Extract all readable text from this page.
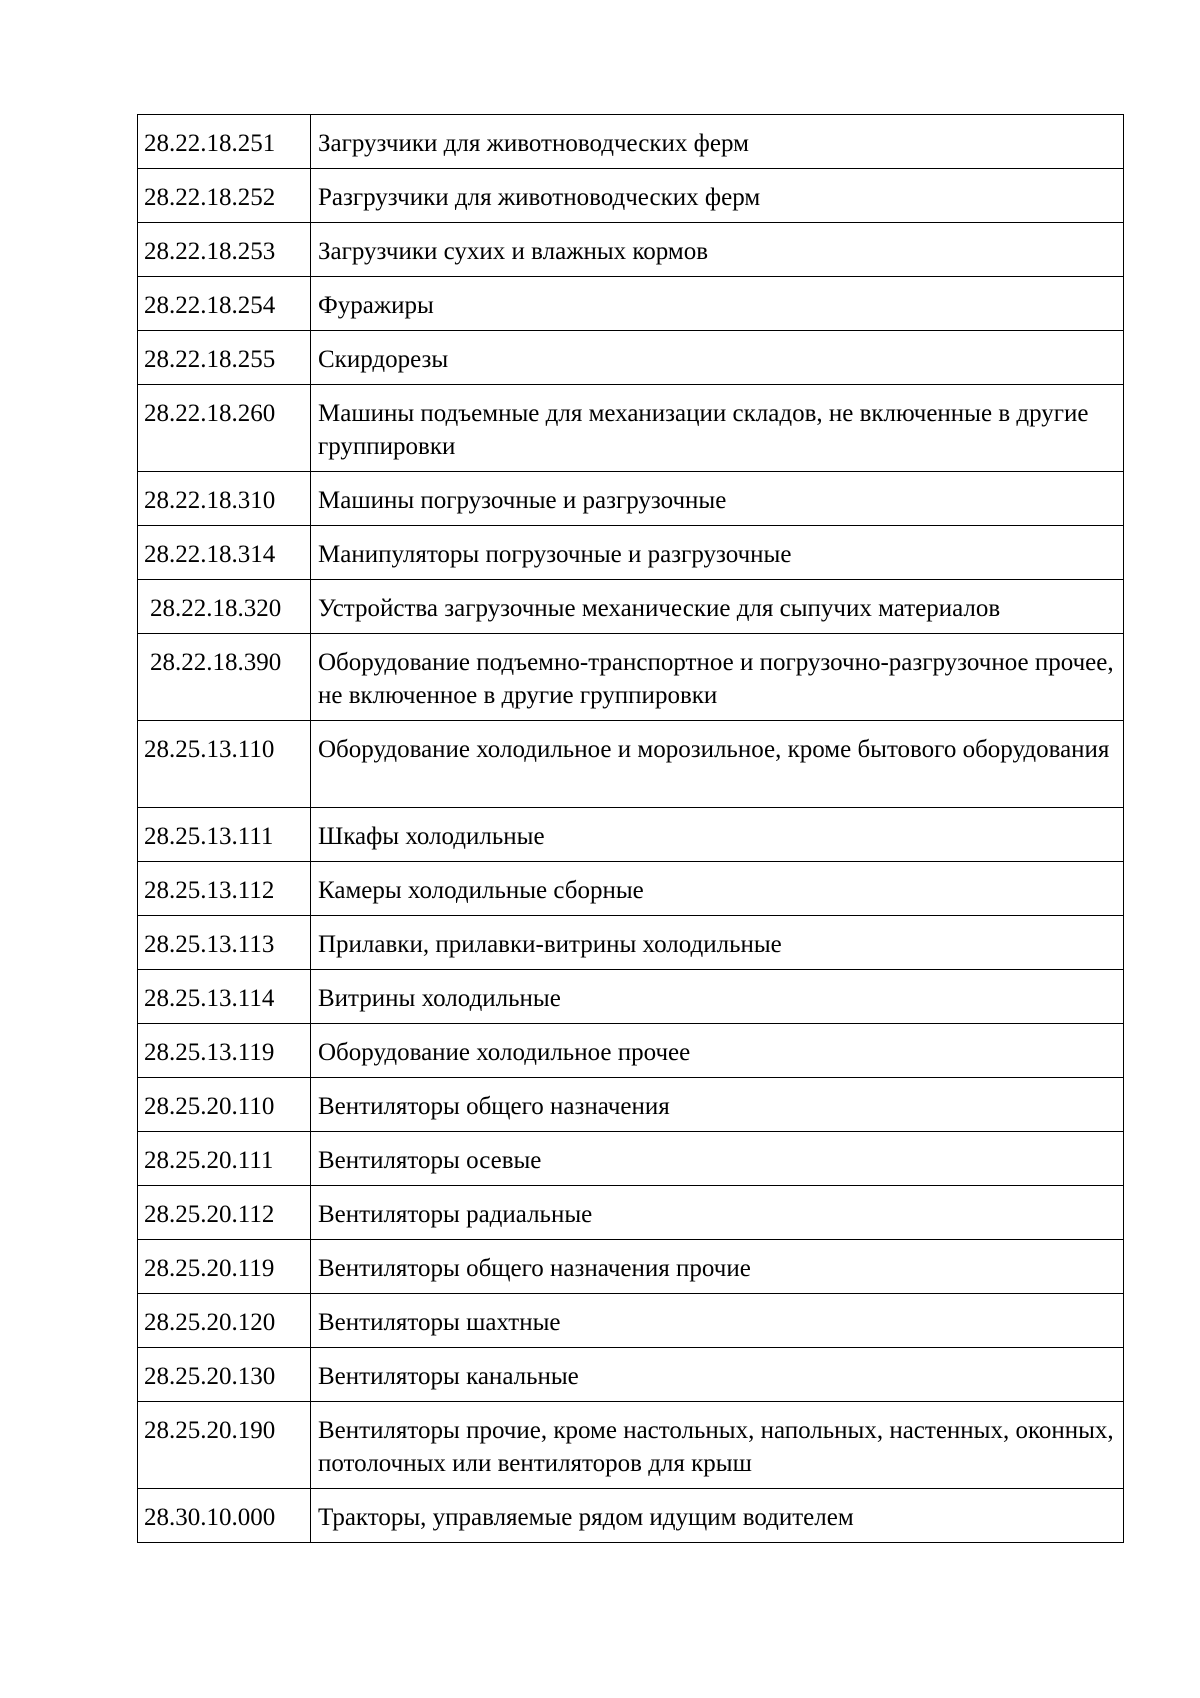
28.22.18.251	Загрузчики для животноводческих ферм
28.22.18.252	Разгрузчики для животноводческих ферм
28.22.18.253	Загрузчики сухих и влажных кормов
28.22.18.254	Фуражиры
28.22.18.255	Скирдорезы
28.22.18.260	Машины подъемные для механизации складов, не включенные в другие группировки
28.22.18.310	Машины погрузочные и разгрузочные
28.22.18.314	Манипуляторы погрузочные и разгрузочные
28.22.18.320	Устройства загрузочные механические для сыпучих материалов
28.22.18.390	Оборудование подъемно-транспортное и погрузочно-разгрузочное прочее, не включенное в другие группировки
28.25.13.110	Оборудование холодильное и морозильное, кроме бытового оборудования
28.25.13.111	Шкафы холодильные
28.25.13.112	Камеры холодильные сборные
28.25.13.113	Прилавки, прилавки-витрины холодильные
28.25.13.114	Витрины холодильные
28.25.13.119	Оборудование холодильное прочее
28.25.20.110	Вентиляторы общего назначения
28.25.20.111	Вентиляторы осевые
28.25.20.112	Вентиляторы радиальные
28.25.20.119	Вентиляторы общего назначения прочие
28.25.20.120	Вентиляторы шахтные
28.25.20.130	Вентиляторы канальные
28.25.20.190	Вентиляторы прочие, кроме настольных, напольных, настенных, оконных, потолочных или вентиляторов для крыш
28.30.10.000	Тракторы, управляемые рядом идущим водителем
